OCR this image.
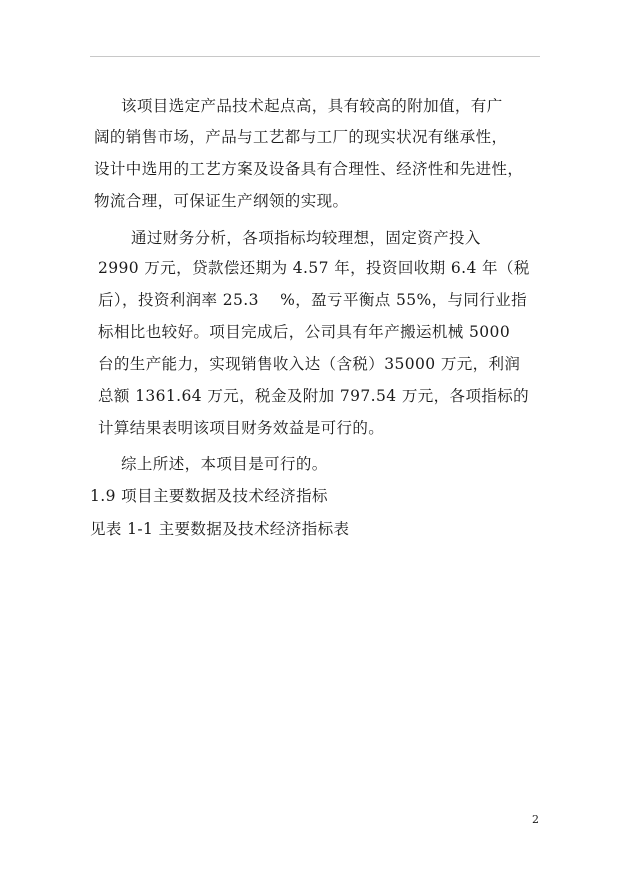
该项目选定产品技术起点高，具有较高的附加值，有广
阔的销售市场，产品与工艺都与工厂的现实状况有继承性，
设计中选用的工艺方案及设备具有合理性、经济性和先进性，
物流合理，可保证生产纲领的实现。
通过财务分析，各项指标均较理想，固定资产投入
2990 万元，贷款偿还期为 4.57 年，投资回收期 6.4 年（税
后），投资利润率 25.3　 %，盈亏平衡点 55%，与同行业指
标相比也较好。项目完成后，公司具有年产搬运机械 5000
台的生产能力，实现销售收入达（含税）35000 万元，利润
总额 1361.64 万元，税金及附加 797.54 万元，各项指标的
计算结果表明该项目财务效益是可行的。
综上所述，本项目是可行的。
1.9 项目主要数据及技术经济指标
见表 1-1 主要数据及技术经济指标表
2
